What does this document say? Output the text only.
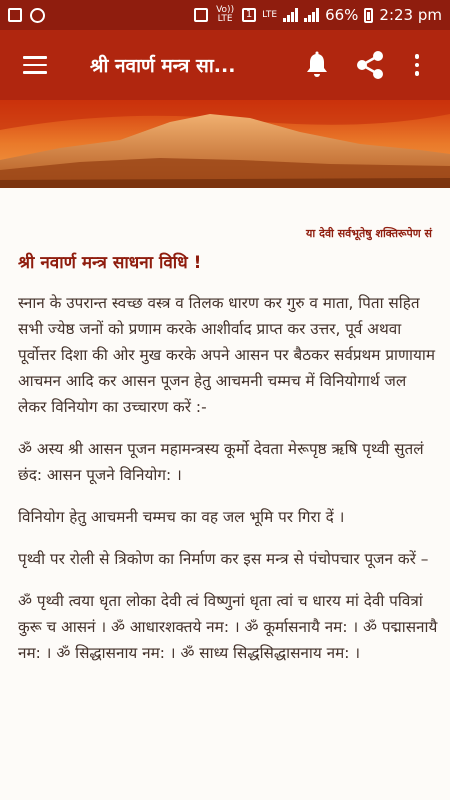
Vo)) LTE	1	LTE	66% 2:23 pm
श्री नवार्ण मन्त्र सा...
या देवी सर्वभूतेषु शक्तिरूपेण सं
श्री नवार्ण मन्त्र साधना विधि !

स्नान के उपरान्त स्वच्छ वस्त्र व तिलक धारण कर गुरु व माता, पिता सहित सभी ज्येष्ठ जनों को प्रणाम करके आशीर्वाद प्राप्त कर उत्तर, पूर्व अथवा पूर्वोत्तर दिशा की ओर मुख करके अपने आसन पर बैठकर सर्वप्रथम प्राणायाम आचमन आदि कर आसन पूजन हेतु आचमनी चम्मच में विनियोगार्थ जल लेकर विनियोग का उच्चारण करें :-

ॐ अस्य श्री आसन पूजन महामन्त्रस्य कूर्मो देवता मेरूपृष्ठ ऋषि पृथ्वी सुतलं छंद: आसन पूजने विनियोग: ।

विनियोग हेतु आचमनी चम्मच का वह जल भूमि पर गिरा दें ।

पृथ्वी पर रोली से त्रिकोण का निर्माण कर इस मन्त्र से पंचोपचार पूजन करें –

ॐ पृथ्वी त्वया धृता लोका देवी त्वं विष्णुनां धृता त्वां च धारय मां देवी पवित्रां कुरू च आसनं । ॐ आधारशक्तये नम: । ॐ कूर्मासनायै नम: । ॐ पद्मासनायै नम: । ॐ सिद्धासनाय नम: । ॐ साध्य सिद्धसिद्धासनाय नम: ।
